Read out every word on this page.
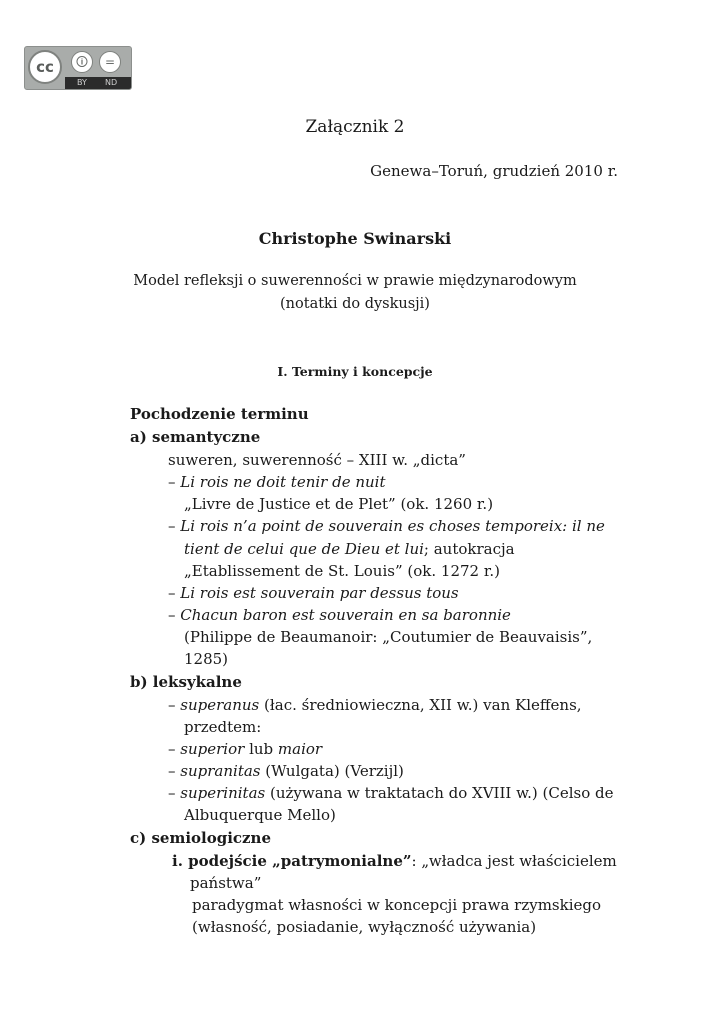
cc	🛈	=
BY ND
Załącznik 2
Genewa–Toruń, grudzień 2010 r.
Christophe Swinarski
Model refleksji o suwerenności w prawie międzynarodowym
(notatki do dyskusji)
I. Terminy i koncepcje
Pochodzenie terminu
a) semantyczne
suweren, suwerenność – XIII w. „dicta”
– Li rois ne doit tenir de nuit
„Livre de Justice et de Plet” (ok. 1260 r.)
– Li rois n’a point de souverain es choses temporeix: il ne
tient de celui que de Dieu et lui; autokracja
„Etablissement de St. Louis” (ok. 1272 r.)
– Li rois est souverain par dessus tous
– Chacun baron est souverain en sa baronnie
(Philippe de Beaumanoir: „Coutumier de Beauvaisis”,
1285)
b) leksykalne
– superanus (łac. średniowieczna, XII w.) van Kleffens,
przedtem:
– superior lub maior
– supranitas (Wulgata) (Verzijl)
– superinitas (używana w traktatach do XVIII w.) (Celso de
Albuquerque Mello)
c) semiologiczne
i. podejście „patrymonialne”: „władca jest właścicielem
państwa”
paradygmat własności w koncepcji prawa rzymskiego
(własność, posiadanie, wyłączność używania)
